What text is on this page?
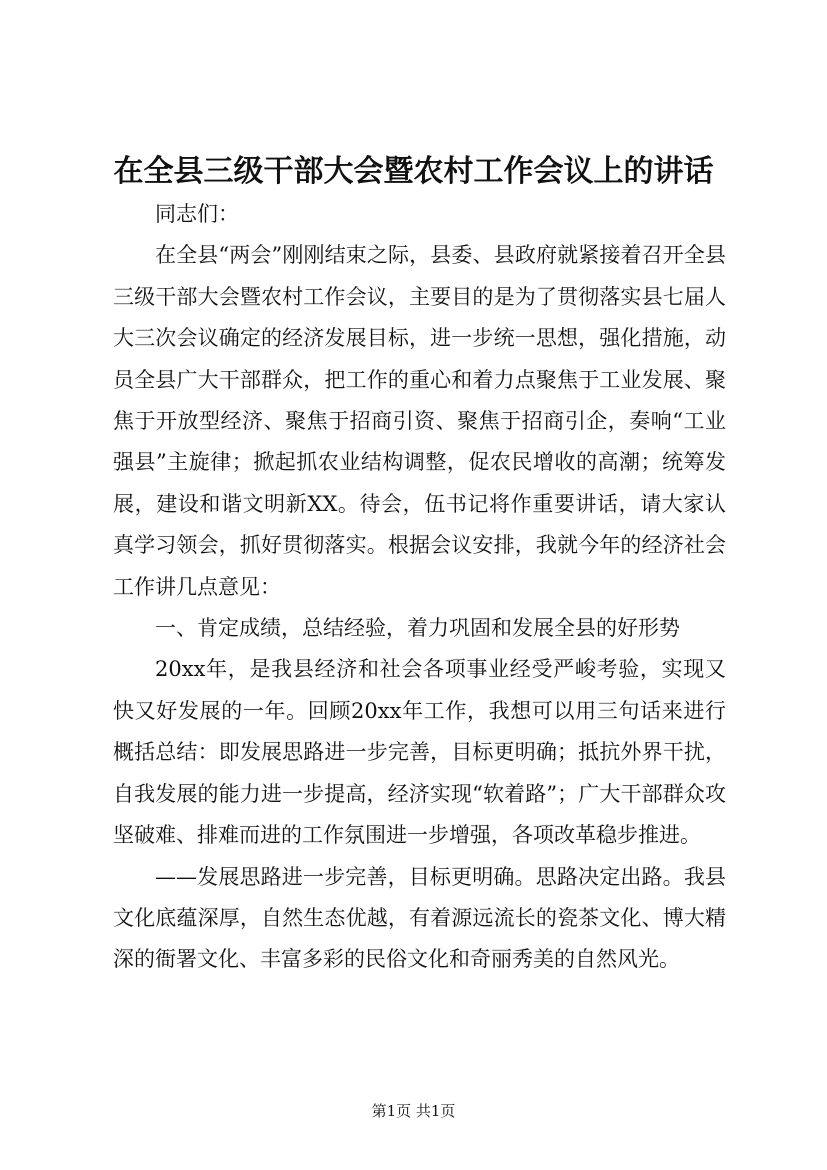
在全县三级干部大会暨农村工作会议上的讲话

同志们：

在全县“两会”刚刚结束之际，县委、县政府就紧接着召开全县三级干部大会暨农村工作会议，主要目的是为了贯彻落实县七届人大三次会议确定的经济发展目标，进一步统一思想，强化措施，动员全县广大干部群众，把工作的重心和着力点聚焦于工业发展、聚焦于开放型经济、聚焦于招商引资、聚焦于招商引企，奏响“工业强县”主旋律；掀起抓农业结构调整，促农民增收的高潮；统筹发展，建设和谐文明新XX。待会，伍书记将作重要讲话，请大家认真学习领会，抓好贯彻落实。根据会议安排，我就今年的经济社会工作讲几点意见：

一、肯定成绩，总结经验，着力巩固和发展全县的好形势

20xx年，是我县经济和社会各项事业经受严峻考验，实现又快又好发展的一年。回顾20xx年工作，我想可以用三句话来进行概括总结：即发展思路进一步完善，目标更明确；抵抗外界干扰，自我发展的能力进一步提高，经济实现“软着路”；广大干部群众攻坚破难、排难而进的工作氛围进一步增强，各项改革稳步推进。

——发展思路进一步完善，目标更明确。思路决定出路。我县文化底蕴深厚，自然生态优越，有着源远流长的瓷茶文化、博大精深的衙署文化、丰富多彩的民俗文化和奇丽秀美的自然风光。

第1页 共1页
